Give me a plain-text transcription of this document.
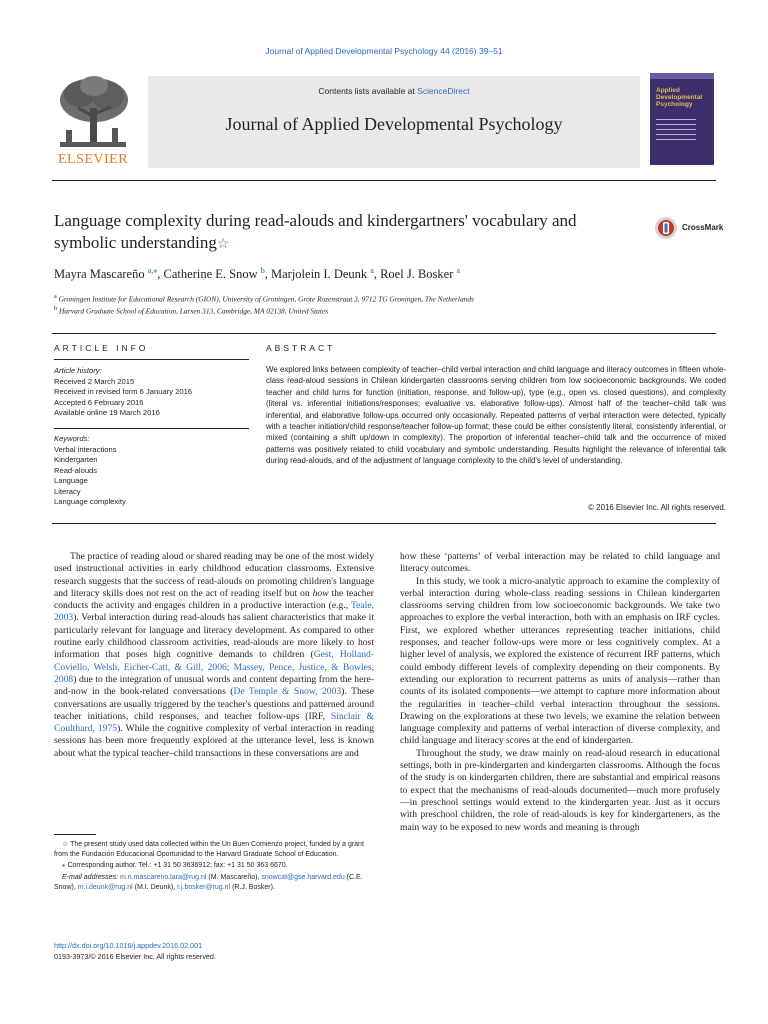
Journal of Applied Developmental Psychology 44 (2016) 39–51
ELSEVIER
Contents lists available at ScienceDirect
Journal of Applied Developmental Psychology
Applied Developmental Psychology
Language complexity during read-alouds and kindergartners' vocabulary and symbolic understanding☆
CrossMark
Mayra Mascareño $^{a,⁎}$, Catherine E. Snow $^b$, Marjolein I. Deunk $^a$, Roel J. Bosker $^a$
$^a$ Groningen Institute for Educational Research (GION), University of Groningen, Grote Rozenstraat 3, 9712 TG Groningen, The Netherlands
$^b$ Harvard Graduate School of Education, Larsen 313, Cambridge, MA 02138, United States
ARTICLE INFO	ABSTRACT
Article history:
Received 2 March 2015
Received in revised form 6 January 2016
Accepted 6 February 2016
Available online 19 March 2016
Keywords:
Verbal interactions
Kindergarten
Read-alouds
Language
Literacy
Language complexity
We explored links between complexity of teacher–child verbal interaction and child language and literacy outcomes in fifteen whole-class read-aloud sessions in Chilean kindergarten classrooms serving children from low socioeconomic backgrounds. We coded teacher and child turns for function (initiation, response, and follow-up), type (e.g., open vs. closed questions), and complexity (literal vs. inferential initiations/responses; evaluative vs. elaborative follow-ups). Almost half of the teacher–child talk was inferential, and elaborative follow-ups occurred only occasionally. Repeated patterns of verbal interaction were detected, typically with a teacher initiation/child response/teacher follow-up format; these could be either consistently literal, consistently inferential, or mixed (containing a shift up/down in complexity). The proportion of inferential teacher–child talk and the occurrence of mixed patterns was positively related to child vocabulary and symbolic understanding. Results highlight the relevance of inferential talk during read-alouds, and of the adjustment of language complexity to the child's level of understanding.
© 2016 Elsevier Inc. All rights reserved.

The practice of reading aloud or shared reading may be one of the most widely used instructional activities in early childhood education classrooms. Extensive research suggests that the success of read-alouds on promoting children's language and literacy skills does not rest on the act of reading itself but on how the teacher conducts the activity and engages children in a productive interaction (e.g., Teale, 2003). Verbal interaction during read-alouds has salient characteristics that make it particularly relevant for language and literacy development. As compared to other routine early childhood classroom activities, read-alouds are more likely to host information that poses high cognitive demands to children (Gest, Holland-Coviello, Welsh, Eicher-Catt, & Gill, 2006; Massey, Pence, Justice, & Bowles, 2008) due to the integration of unusual words and content departing from the here-and-now in the book-related conversations (De Temple & Snow, 2003). These conversations are usually triggered by the teacher's questions and patterned around teacher initiations, child responses, and teacher follow-ups (IRF, Sinclair & Coulthard, 1975). While the cognitive complexity of verbal interaction in reading sessions has been more frequently explored at the utterance level, less is known about what the typical teacher–child transactions in these conversations are and

how these ‘patterns’ of verbal interaction may be related to child language and literacy outcomes.

In this study, we took a micro-analytic approach to examine the complexity of verbal interaction during whole-class reading sessions in Chilean kindergarten classrooms serving children from low socioeconomic backgrounds. We take two approaches to explore the verbal interaction, both with an emphasis on IRF cycles. First, we explored whether utterances representing teacher initiations, child responses, and teacher follow-ups were more or less cognitively complex. At a higher level of analysis, we explored the existence of recurrent IRF patterns, which could embody different levels of complexity depending on their components. By extending our exploration to recurrent patterns as units of analysis—rather than counts of its isolated components—we attempt to capture more information about the regularities in teacher–child verbal interaction throughout the sessions. Drawing on the explorations at these two levels, we examine the relation between language complexity and patterns of verbal interaction of diverse complexity, and child language and literacy scores at the end of kindergarten.

Throughout the study, we draw mainly on read-aloud research in educational settings, both in pre-kindergarten and kindergarten classrooms. Although the focus of the study is on kindergarten children, there are substantial and empirical reasons to expect that the mechanisms of read-alouds documented—much more profusely—in preschool settings would extend to the kindergarten year. Just as it occurs with preschool children, the role of read-alouds is key for kindergarteners, as the main way to be exposed to new words and meaning is through

☆ The present study used data collected within the Un Buen Comienzo project, funded by a grant from the Fundación Educacional Oportunidad to the Harvard Graduate School of Education.

⁎ Corresponding author. Tel.: +1 31 50 3636912; fax: +1 31 50 363 6670.

E-mail addresses: m.n.mascareno.lara@rug.nl (M. Mascareño), snowcat@gse.harvard.edu (C.E. Snow), m.i.deunk@rug.nl (M.I. Deunk), r.j.bosker@rug.nl (R.J. Bosker).

http://dx.doi.org/10.1016/j.appdev.2016.02.001
0193-3973/© 2016 Elsevier Inc. All rights reserved.
